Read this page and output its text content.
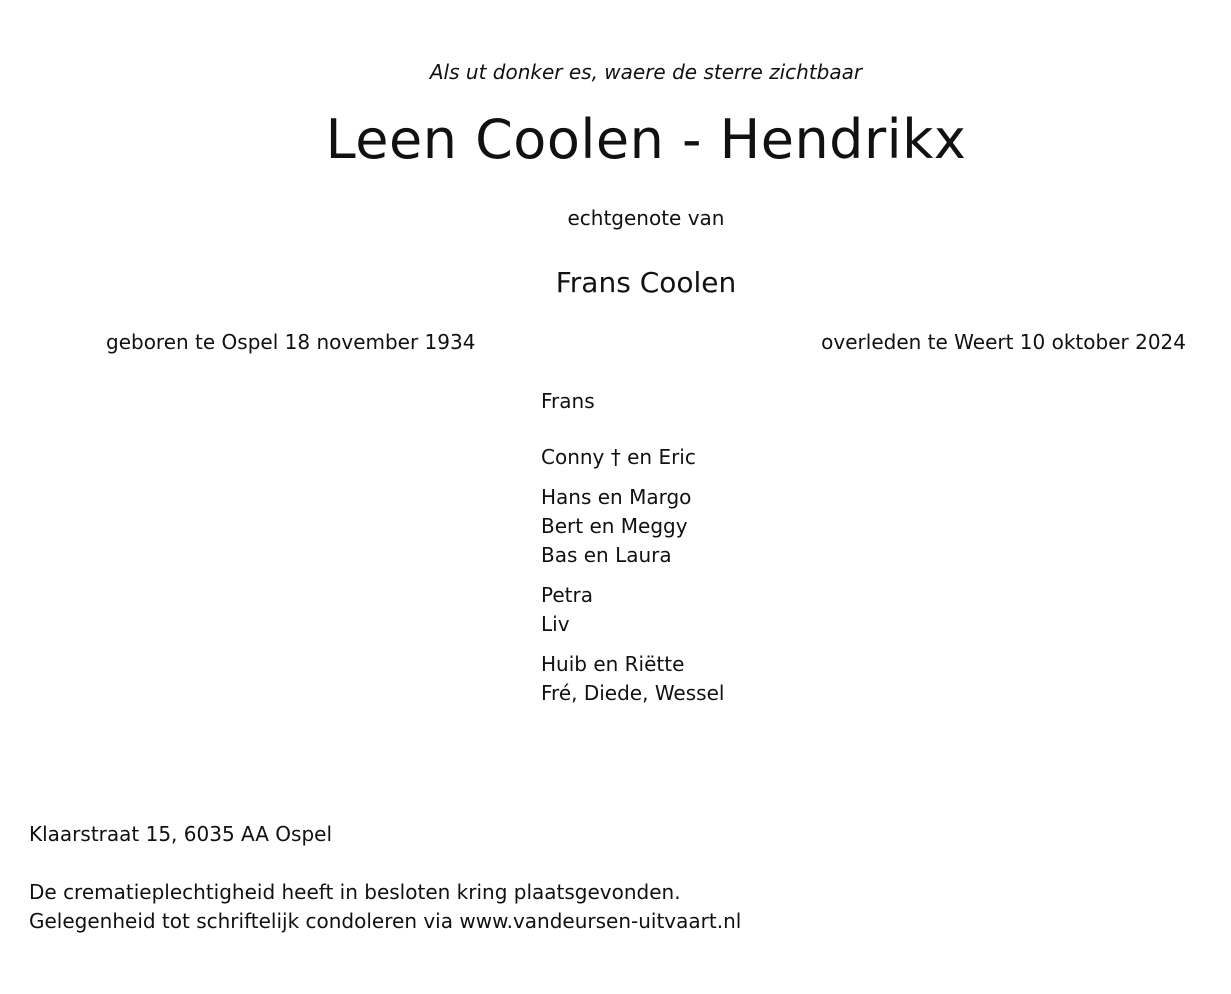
Als ut donker es, waere de sterre zichtbaar
Leen Coolen - Hendrikx
echtgenote van
Frans Coolen
geboren te Ospel 18 november 1934	overleden te Weert 10 oktober 2024
Frans
Conny † en Eric
Hans en Margo
Bert en Meggy
Bas en Laura
Petra
Liv
Huib en Riëtte
Fré, Diede, Wessel
Klaarstraat 15, 6035 AA Ospel
De crematieplechtigheid heeft in besloten kring plaatsgevonden.
Gelegenheid tot schriftelijk condoleren via www.vandeursen-uitvaart.nl
